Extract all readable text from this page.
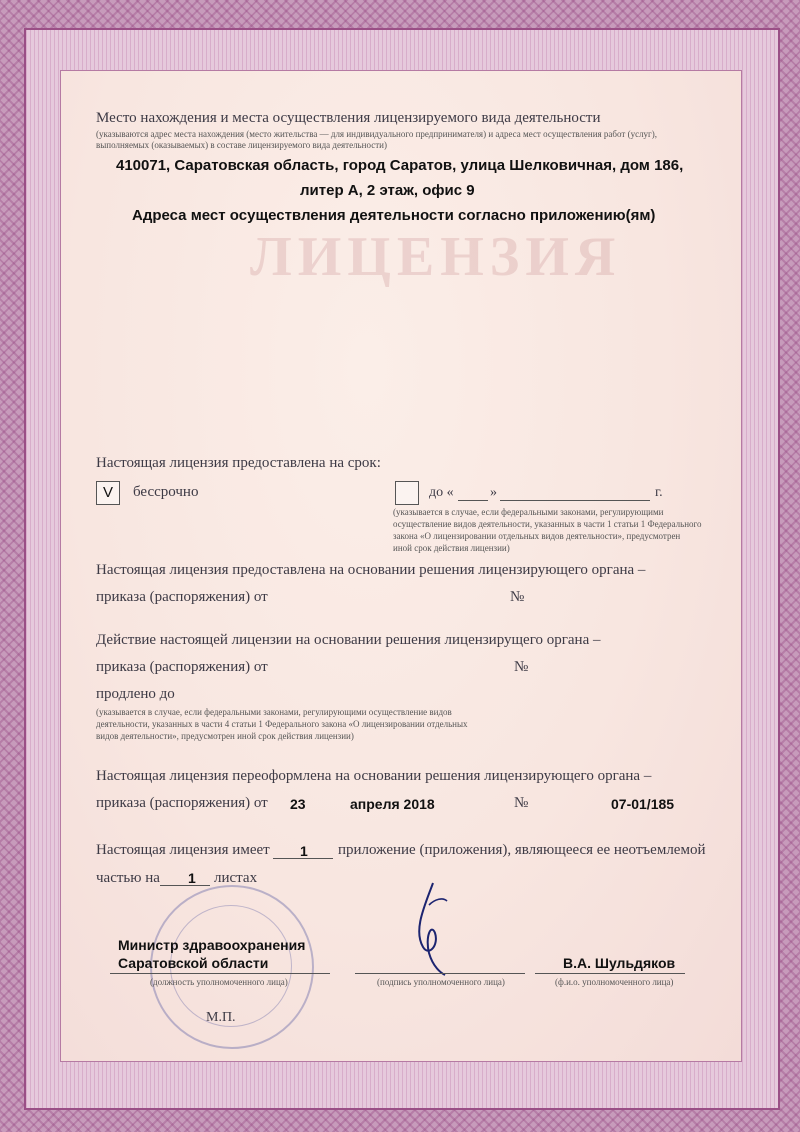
ЛИЦЕНЗИЯ
Место нахождения и места осуществления лицензируемого вида деятельности
(указываются адрес места нахождения (место жительства — для индивидуального предпринимателя) и адреса мест осуществления работ (услуг),
выполняемых (оказываемых) в составе лицензируемого вида деятельности)
410071, Саратовская область, город Саратов, улица Шелковичная, дом 186,
литер А, 2 этаж, офис 9
Адреса мест осуществления деятельности согласно приложению(ям)
Настоящая лицензия предоставлена на срок:
V	бессрочно	до «	»	г.
(указывается в случае, если федеральными законами, регулирующими
осуществление видов деятельности, указанных в части 1 статьи 1 Федерального
закона «О лицензировании отдельных видов деятельности», предусмотрен
иной срок действия лицензии)
Настоящая лицензия предоставлена на основании решения лицензирующего органа –
приказа (распоряжения) от	№
Действие настоящей лицензии на основании решения лицензирущего органа –
приказа (распоряжения) от	№
продлено до
(указывается в случае, если федеральными законами, регулирующими осуществление видов
деятельности, указанных в части 4 статьи 1 Федерального закона «О лицензировании отдельных
видов деятельности», предусмотрен иной срок действия лицензии)
Настоящая лицензия переоформлена на основании решения лицензирующего органа –
приказа (распоряжения) от 23	апреля 2018	№	07-01/185
Настоящая лицензия имеет 1 приложение (приложения), являющееся ее неотъемлемой
частью на 1 листах
Министр здравоохранения
Саратовской области
(должность уполномоченного лица)	(подпись уполномоченного лица)
В.А. Шульдяков
(ф.и.о. уполномоченного лица)
М.П.
